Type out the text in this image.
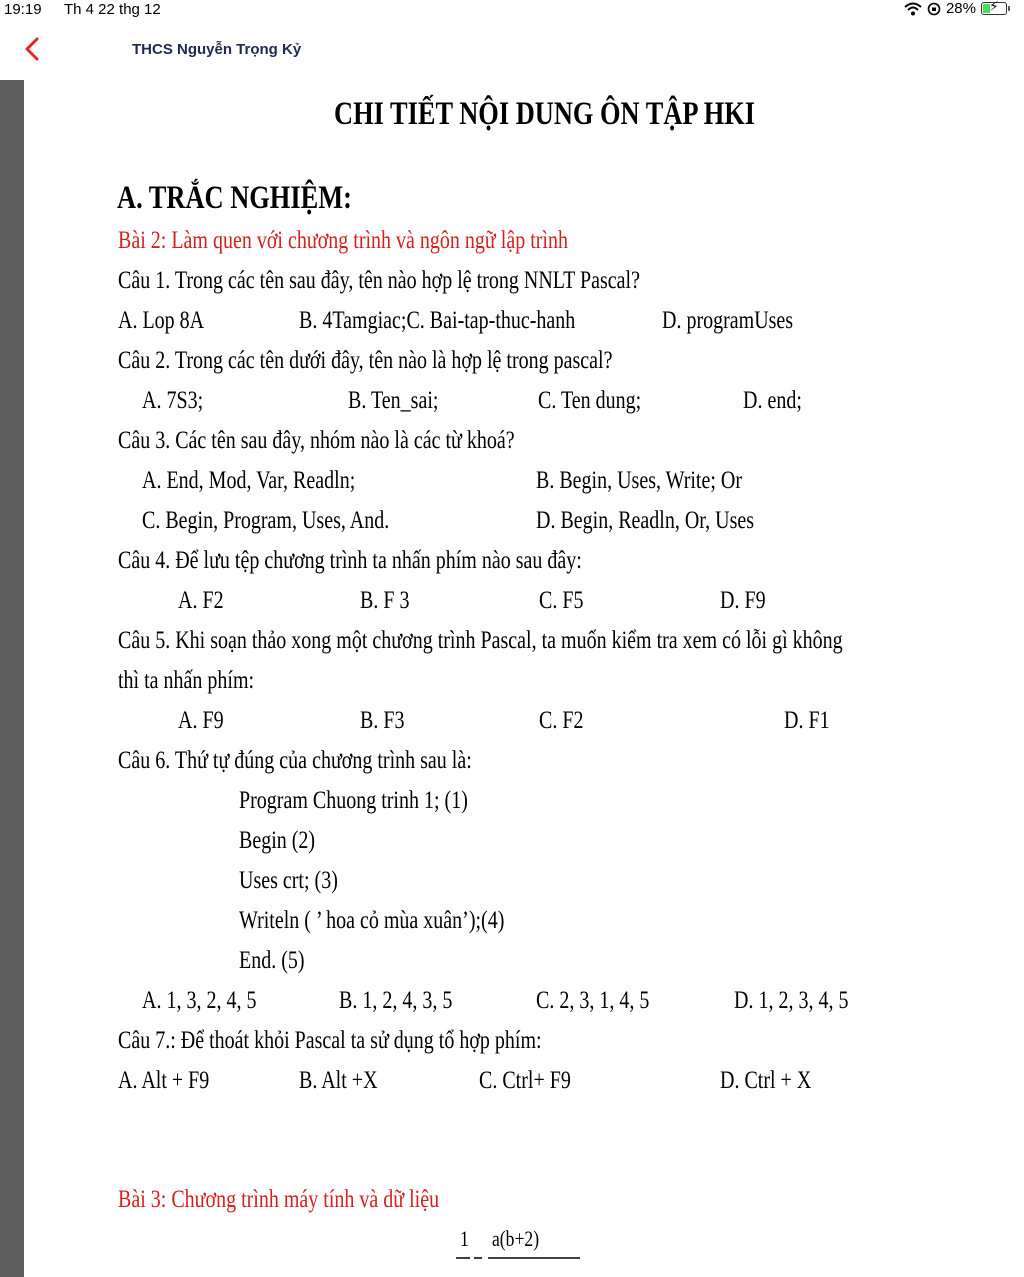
19:19 Th 4 22 thg 12	28% ⚡
THCS Nguyễn Trọng Kỷ
CHI TIẾT NỘI DUNG ÔN TẬP HKI
A. TRẮC NGHIỆM:
Bài 2: Làm quen với chương trình và ngôn ngữ lập trình
Câu 1. Trong các tên sau đây, tên nào hợp lệ trong NNLT Pascal?
A. Lop 8A	B. 4Tamgiac;C. Bai-tap-thuc-hanh	D. programUses
Câu 2. Trong các tên dưới đây, tên nào là hợp lệ trong pascal?
A. 7S3;	B. Ten_sai;	C. Ten dung;	D. end;
Câu 3. Các tên sau đây, nhóm nào là các từ khoá?
A. End, Mod, Var, Readln;	B. Begin, Uses, Write; Or
C. Begin, Program, Uses, And.	D. Begin, Readln, Or, Uses
Câu 4. Để lưu tệp chương trình ta nhấn phím nào sau đây:
A. F2	B. F 3	C. F5	D. F9
Câu 5. Khi soạn thảo xong một chương trình Pascal, ta muốn kiểm tra xem có lỗi gì không
thì ta nhấn phím:
A. F9	B. F3	C. F2	D. F1
Câu 6. Thứ tự đúng của chương trình sau là:
Program Chuong trinh 1; (1)
Begin (2)
Uses crt; (3)
Writeln ( ’ hoa cỏ mùa xuân’);(4)
End. (5)
A. 1, 3, 2, 4, 5	B. 1, 2, 4, 3, 5	C. 2, 3, 1, 4, 5	D. 1, 2, 3, 4, 5
Câu 7.: Để thoát khỏi Pascal ta sử dụng tổ hợp phím:
A. Alt + F9	B. Alt +X	C. Ctrl+ F9	D. Ctrl + X
Bài 3: Chương trình máy tính và dữ liệu
1 a(b+2)
